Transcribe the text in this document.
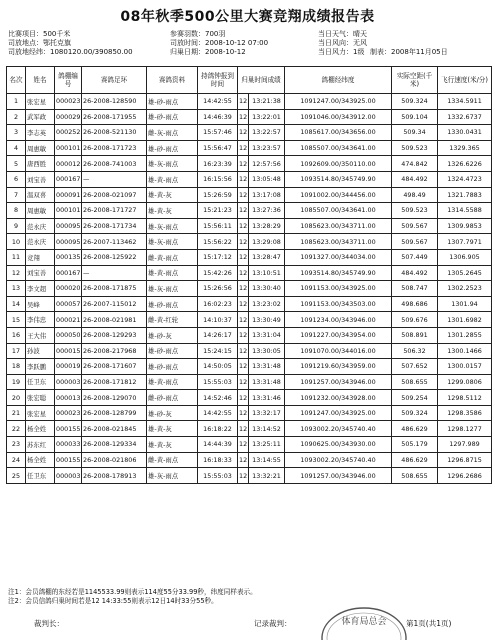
08年秋季500公里大赛竞翔成绩报告表
比赛项目：500千米
司放地点：鄂托克旗
司放地经纬：1080120.00/390850.00
参赛羽数：700羽
司放时间：2008-10-12 07:00
归巢日期：2008-10-12
当日天气：晴天
当日风向：无风
当日风力：1级 制表：2008年11月05日
名次	姓名	鸽棚编号	赛鸽足环	赛鸽资料	持鸽钟报到时间	归巢时间成绩		鸽棚经纬度	实际空距(千米)	飞行速度(米/分)
1	张宏星	000023	26-2008-128590	雄-砂-雨点	14:42:55	12	13:21:38	1091247.00/343925.00	509.324	1334.5911
2	武军政	000029	26-2008-171955	雄-砂-雨点	14:46:39	12	13:22:01	1091046.00/343912.00	509.104	1332.6737
3	李志英	000252	26-2008-521130	雌-灰-雨点	15:57:46	12	13:22:57	1085617.00/343656.00	509.34	1330.0431
4	周惠敏	000101	26-2008-171723	雄-砂-雨点	15:56:47	12	13:23:57	1085507.00/343641.00	509.523	1329.365
5	唐西胜	000012	26-2008-741003	雄-灰-雨点	16:23:39	12	12:57:56	1092609.00/350110.00	474.842	1326.6226
6	刘宝善	000167	—	雄-黄-雨点	16:15:56	12	13:05:48	1093514.80/345749.90	484.492	1324.4723
7	温双喜	000091	26-2008-021097	雄-黄-灰	15:26:59	12	13:17:08	1091002.00/344456.00	498.49	1321.7883
8	周惠敏	000101	26-2008-171727	雄-黄-灰	15:21:23	12	13:27:36	1085507.00/343641.00	509.523	1314.5588
9	范永庆	000095	26-2008-171734	雄-灰-雨点	15:56:11	12	13:28:29	1085623.00/343711.00	509.567	1309.9853
10	范永庆	000095	26-2007-113462	雄-灰-雨点	15:56:22	12	13:29:08	1085623.00/343711.00	509.567	1307.7971
11	竞翔	000135	26-2008-125922	雌-黄-雨点	15:17:12	12	13:28:47	1091327.00/344034.00	507.449	1306.905
12	刘宝善	000167	—	雄-黄-雨点	15:42:26	12	13:10:51	1093514.80/345749.90	484.492	1305.2645
13	李文超	000020	26-2008-171875	雄-灰-雨点	15:26:56	12	13:30:40	1091153.00/343925.00	508.747	1302.2523
14	吴峰	000057	26-2007-115012	雄-砂-雨点	16:02:23	12	13:23:02	1091153.00/343503.00	498.686	1301.94
15	李伟忠	000021	26-2008-021981	雌-黄-红轮	14:10:37	12	13:30:49	1091234.00/343946.00	509.676	1301.6982
16	王大伟	000050	26-2008-129293	雄-砂-灰	14:26:17	12	13:31:04	1091227.00/343954.00	508.891	1301.2855
17	孙波	000015	26-2008-217968	雄-砂-雨点	15:24:15	12	13:30:05	1091070.00/344016.00	506.32	1300.1466
18	李跃鹏	000019	26-2008-171607	雄-砂-雨点	14:50:05	12	13:31:48	1091219.60/343959.00	507.652	1300.0157
19	任卫东	000003	26-2008-171812	雄-黄-雨点	15:55:03	12	13:31:48	1091257.00/343946.00	508.655	1299.0806
20	张宏聪	000013	26-2008-129070	雌-砂-雨点	14:52:46	12	13:31:46	1091232.00/343928.00	509.254	1298.5112
21	张宏星	000023	26-2008-128799	雄-砂-灰	14:42:55	12	13:32:17	1091247.00/343925.00	509.324	1298.3586
22	杨全姓	000155	26-2008-021845	雄-黄-灰	16:18:22	12	13:14:52	1093002.20/345740.40	486.629	1298.1277
23	苏东红	000033	26-2008-129334	雄-黄-灰	14:44:39	12	13:25:11	1090625.00/343930.00	505.179	1297.989
24	杨全姓	000155	26-2008-021806	雌-黄-雨点	16:18:33	12	13:14:55	1093002.20/345740.40	486.629	1296.8715
25	任卫东	000003	26-2008-178913	雄-灰-雨点	15:55:03	12	13:32:21	1091257.00/343946.00	508.655	1296.2686
注1：会员鸽棚的东经若是1145533.99则表示114度55分33.99秒，纬度同样表示。
注2：会员信鸽归巢时间若是12 14:33:55则表示12日14时33分55秒。
裁判长：	记录裁判：	体育局总会	第1页(共1页)
